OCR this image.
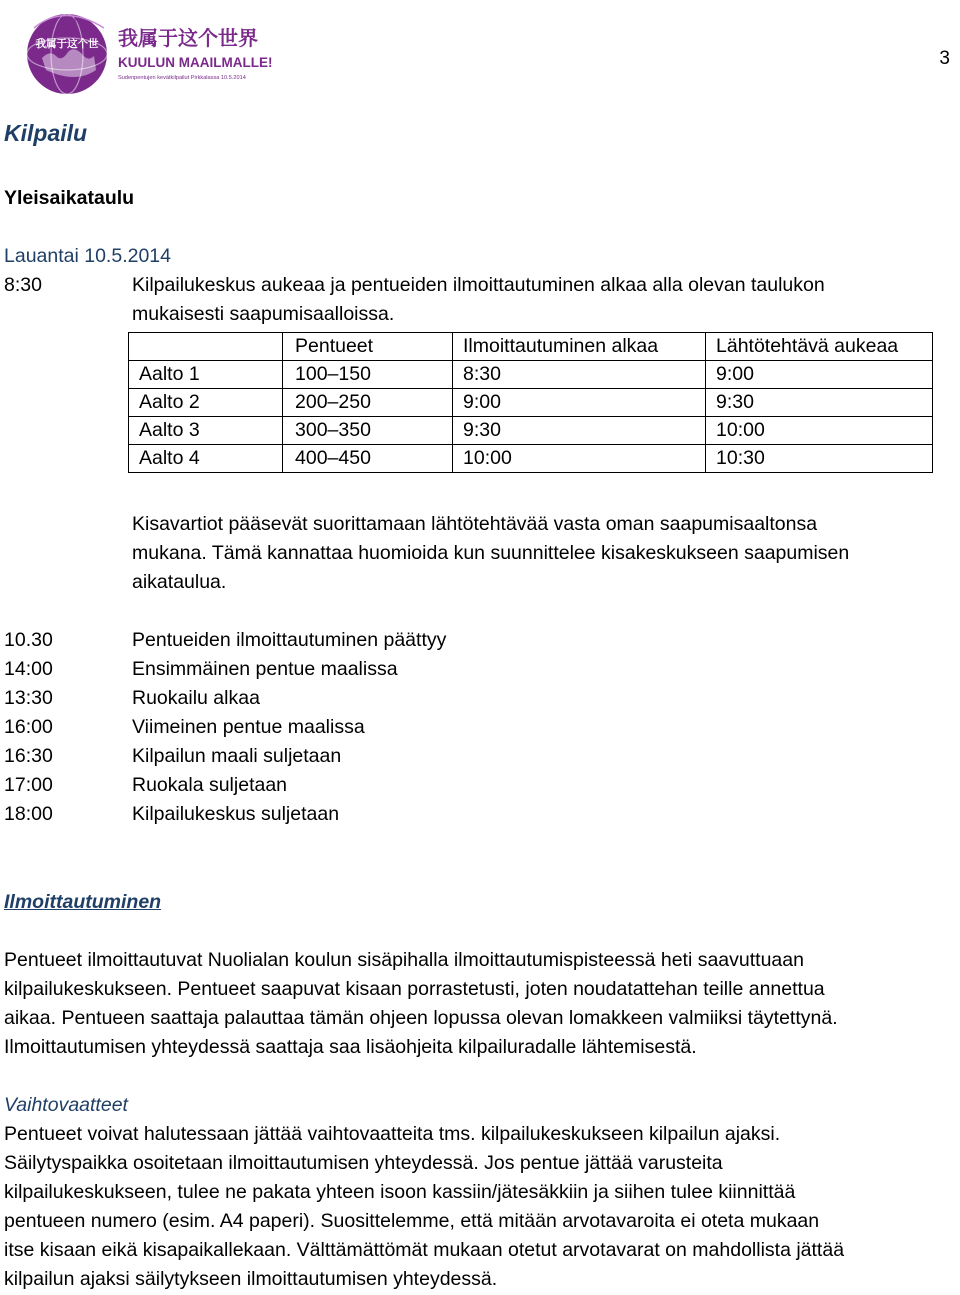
2014
我属于这个世 我属于这个世界
KUULUN MAAILMALLE!
Sudenpentujen kevätkilpailut Pirkkalassa 10.5.2014
3
Kilpailu
Yleisaikataulu
Lauantai 10.5.2014
8:30	Kilpailukeskus aukeaa ja pentueiden ilmoittautuminen alkaa alla olevan taulukon
mukaisesti saapumisaalloissa.
	Pentueet	Ilmoittautuminen alkaa	Lähtötehtävä aukeaa
Aalto 1	100–150	8:30	9:00
Aalto 2	200–250	9:00	9:30
Aalto 3	300–350	9:30	10:00
Aalto 4	400–450	10:00	10:30
Kisavartiot pääsevät suorittamaan lähtötehtävää vasta oman saapumisaaltonsa
mukana. Tämä kannattaa huomioida kun suunnittelee kisakeskukseen saapumisen
aikataulua.
10.30	Pentueiden ilmoittautuminen päättyy
14:00	Ensimmäinen pentue maalissa
13:30	Ruokailu alkaa
16:00	Viimeinen pentue maalissa
16:30	Kilpailun maali suljetaan
17:00	Ruokala suljetaan
18:00	Kilpailukeskus suljetaan
Ilmoittautuminen
Pentueet ilmoittautuvat Nuolialan koulun sisäpihalla ilmoittautumispisteessä heti saavuttuaan
kilpailukeskukseen. Pentueet saapuvat kisaan porrastetusti, joten noudatattehan teille annettua
aikaa. Pentueen saattaja palauttaa tämän ohjeen lopussa olevan lomakkeen valmiiksi täytettynä.
Ilmoittautumisen yhteydessä saattaja saa lisäohjeita kilpailuradalle lähtemisestä.
Vaihtovaatteet
Pentueet voivat halutessaan jättää vaihtovaatteita tms. kilpailukeskukseen kilpailun ajaksi.
Säilytyspaikka osoitetaan ilmoittautumisen yhteydessä. Jos pentue jättää varusteita
kilpailukeskukseen, tulee ne pakata yhteen isoon kassiin/jätesäkkiin ja siihen tulee kiinnittää
pentueen numero (esim. A4 paperi). Suosittelemme, että mitään arvotavaroita ei oteta mukaan
itse kisaan eikä kisapaikallekaan. Välttämättömät mukaan otetut arvotavarat on mahdollista jättää
kilpailun ajaksi säilytykseen ilmoittautumisen yhteydessä.
